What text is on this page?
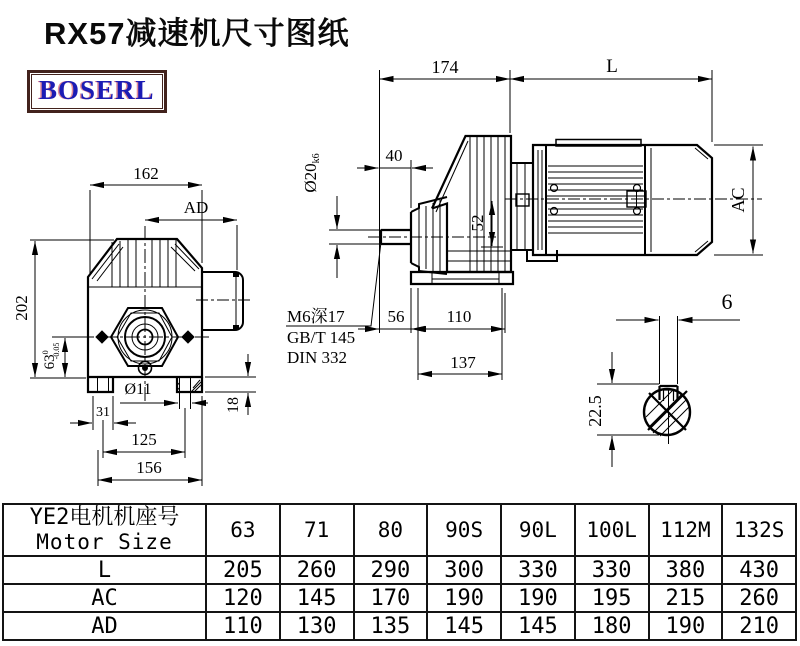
RX57减速机尺寸图纸
BOSERL
174	L
40
Ø20k6
52
AC
M6深17
GB/T 145
DIN 332
56 110
137
162
AD
202
$63^0$ -0.05
Ø11
31	18
125
156
6
22.5
YE2电机机座号
Motor Size	63	71	80	90S	90L	100L	112M	132S
L	205	260	290	300	330	330	380	430
AC	120	145	170	190	190	195	215	260
AD	110	130	135	145	145	180	190	210
